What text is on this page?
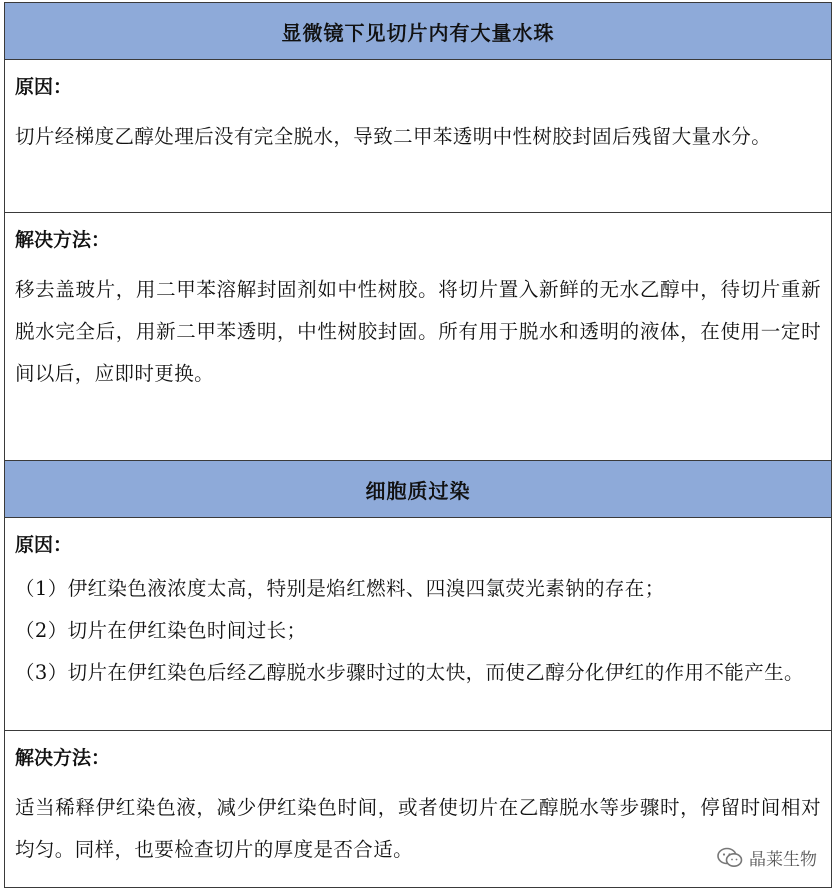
显微镜下见切片内有大量水珠

原因：

切片经梯度乙醇处理后没有完全脱水，导致二甲苯透明中性树胶封固后残留大量水分。

解决方法：

移去盖玻片，用二甲苯溶解封固剂如中性树胶。将切片置入新鲜的无水乙醇中，待切片重新脱水完全后，用新二甲苯透明，中性树胶封固。所有用于脱水和透明的液体，在使用一定时间以后，应即时更换。

细胞质过染

原因：

（1）伊红染色液浓度太高，特别是焰红燃料、四溴四氯荧光素钠的存在；

（2）切片在伊红染色时间过长；

（3）切片在伊红染色后经乙醇脱水步骤时过的太快，而使乙醇分化伊红的作用不能产生。

解决方法：

适当稀释伊红染色液，减少伊红染色时间，或者使切片在乙醇脱水等步骤时，停留时间相对均匀。同样，也要检查切片的厚度是否合适。	晶莱生物
